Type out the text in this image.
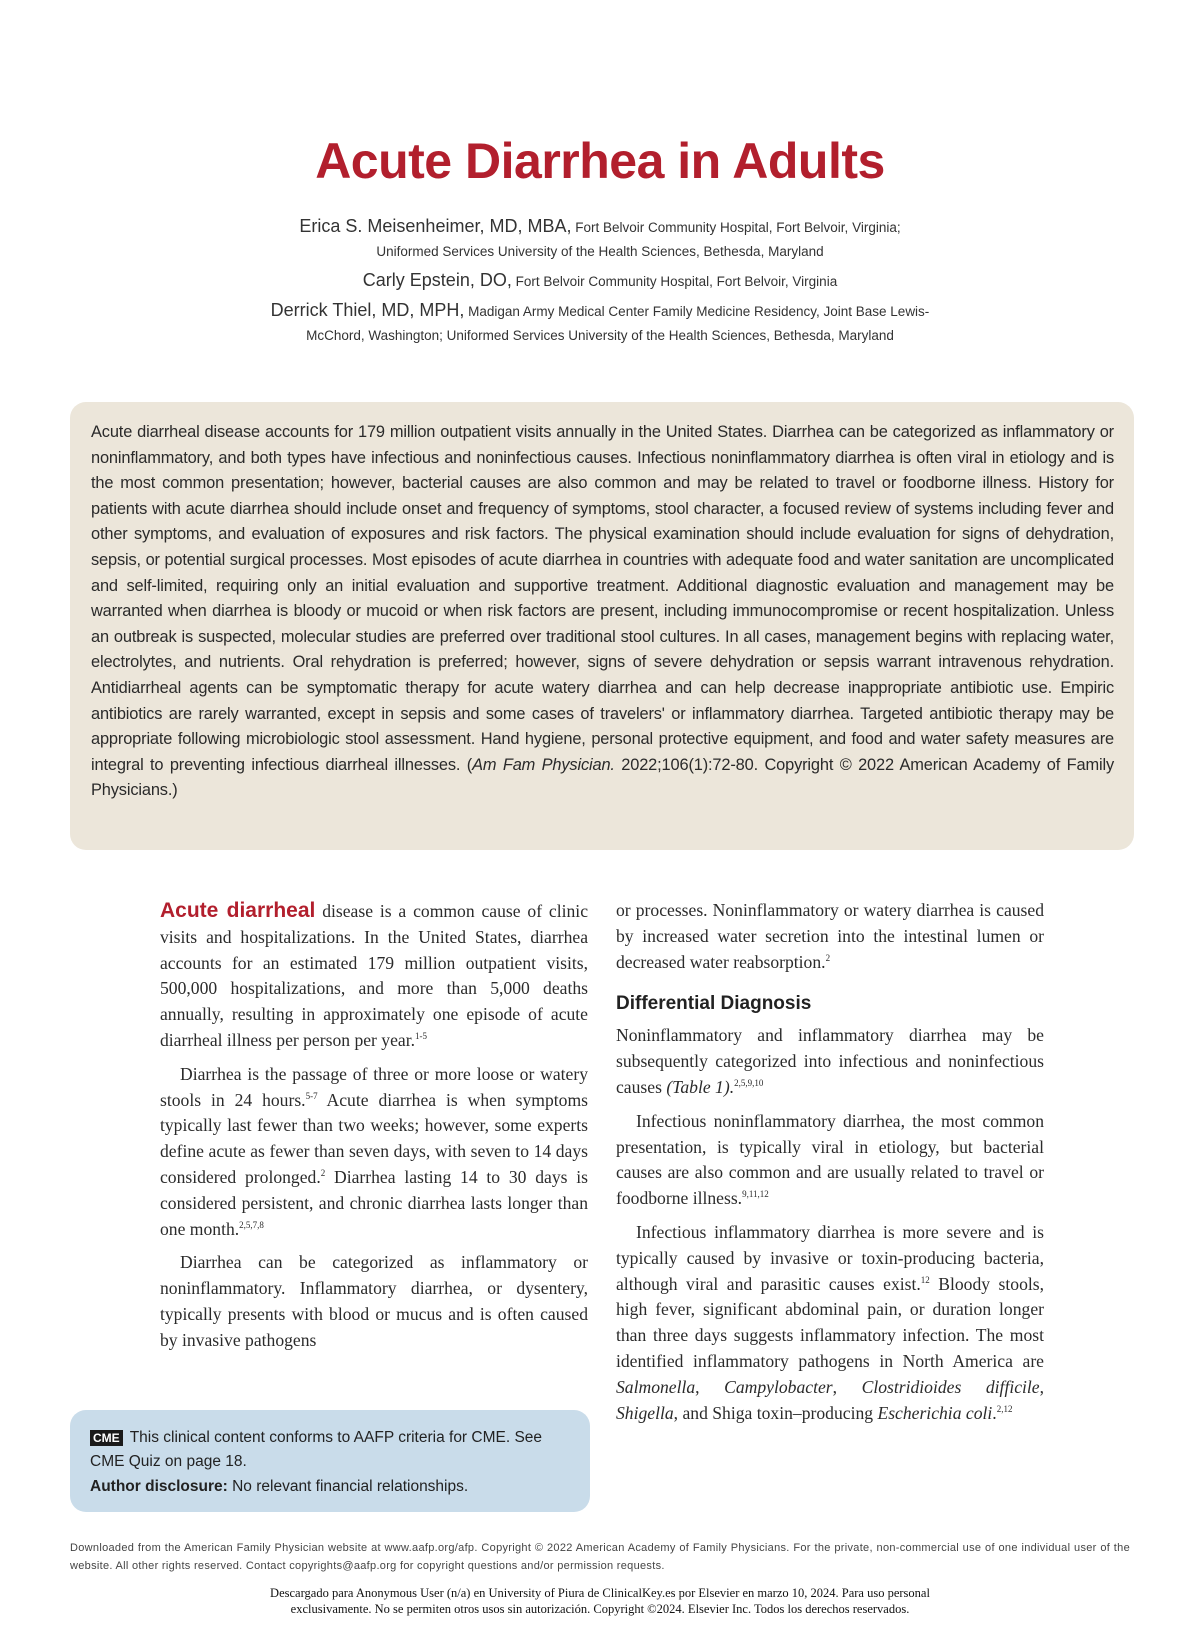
Acute Diarrhea in Adults
Erica S. Meisenheimer, MD, MBA, Fort Belvoir Community Hospital, Fort Belvoir, Virginia;
Uniformed Services University of the Health Sciences, Bethesda, Maryland
Carly Epstein, DO, Fort Belvoir Community Hospital, Fort Belvoir, Virginia
Derrick Thiel, MD, MPH, Madigan Army Medical Center Family Medicine Residency, Joint Base Lewis-
McChord, Washington; Uniformed Services University of the Health Sciences, Bethesda, Maryland
Acute diarrheal disease accounts for 179 million outpatient visits annually in the United States. Diarrhea can be categorized as inflammatory or noninflammatory, and both types have infectious and noninfectious causes. Infectious noninflammatory diarrhea is often viral in etiology and is the most common presentation; however, bacterial causes are also common and may be related to travel or foodborne illness. History for patients with acute diarrhea should include onset and frequency of symptoms, stool character, a focused review of systems including fever and other symptoms, and evaluation of exposures and risk factors. The physical examination should include evaluation for signs of dehydration, sepsis, or potential surgical processes. Most episodes of acute diarrhea in countries with adequate food and water sanitation are uncomplicated and self-limited, requiring only an initial evaluation and supportive treatment. Additional diagnostic evaluation and management may be warranted when diarrhea is bloody or mucoid or when risk factors are present, including immunocompromise or recent hospitalization. Unless an outbreak is suspected, molecular studies are preferred over traditional stool cultures. In all cases, management begins with replacing water, electrolytes, and nutrients. Oral rehydration is preferred; however, signs of severe dehydration or sepsis warrant intravenous rehydration. Antidiarrheal agents can be symptomatic therapy for acute watery diarrhea and can help decrease inappropriate antibiotic use. Empiric antibiotics are rarely warranted, except in sepsis and some cases of travelers' or inflammatory diarrhea. Targeted antibiotic therapy may be appropriate following microbiologic stool assessment. Hand hygiene, personal protective equipment, and food and water safety measures are integral to preventing infectious diarrheal illnesses. (Am Fam Physician. 2022;106(1):72-80. Copyright © 2022 American Academy of Family Physicians.)

Acute diarrheal disease is a common cause of clinic visits and hospitalizations. In the United States, diarrhea accounts for an estimated 179 million outpatient visits, 500,000 hospitalizations, and more than 5,000 deaths annually, resulting in approximately one episode of acute diarrheal illness per person per year.$^{1-5}$

Diarrhea is the passage of three or more loose or watery stools in 24 hours.$^{5-7}$ Acute diarrhea is when symptoms typically last fewer than two weeks; however, some experts define acute as fewer than seven days, with seven to 14 days considered prolonged.$^2$ Diarrhea lasting 14 to 30 days is considered persistent, and chronic diarrhea lasts longer than one month.$^{2,5,7,8}$

Diarrhea can be categorized as inflammatory or noninflammatory. Inflammatory diarrhea, or dysentery, typically presents with blood or mucus and is often caused by invasive pathogens

or processes. Noninflammatory or watery diarrhea is caused by increased water secretion into the intestinal lumen or decreased water reabsorption.$^2$

Differential Diagnosis

Noninflammatory and inflammatory diarrhea may be subsequently categorized into infectious and noninfectious causes (Table 1).$^{2,5,9,10}$

Infectious noninflammatory diarrhea, the most common presentation, is typically viral in etiology, but bacterial causes are also common and are usually related to travel or foodborne illness.$^{9,11,12}$

Infectious inflammatory diarrhea is more severe and is typically caused by invasive or toxin-producing bacteria, although viral and parasitic causes exist.$^{12}$ Bloody stools, high fever, significant abdominal pain, or duration longer than three days suggests inflammatory infection. The most identified inflammatory pathogens in North America are Salmonella, Campylobacter, Clostridioides difficile, Shigella, and Shiga toxin–producing Escherichia coli.$^{2,12}$

CME This clinical content conforms to AAFP criteria for CME. See CME Quiz on page 18.
Author disclosure: No relevant financial relationships.
Downloaded from the American Family Physician website at www.aafp.org/afp. Copyright © 2022 American Academy of Family Physicians. For the private, non-commercial use of one individual user of the website. All other rights reserved. Contact copyrights@aafp.org for copyright questions and/or permission requests.
Descargado para Anonymous User (n/a) en University of Piura de ClinicalKey.es por Elsevier en marzo 10, 2024. Para uso personal
exclusivamente. No se permiten otros usos sin autorización. Copyright ©2024. Elsevier Inc. Todos los derechos reservados.
